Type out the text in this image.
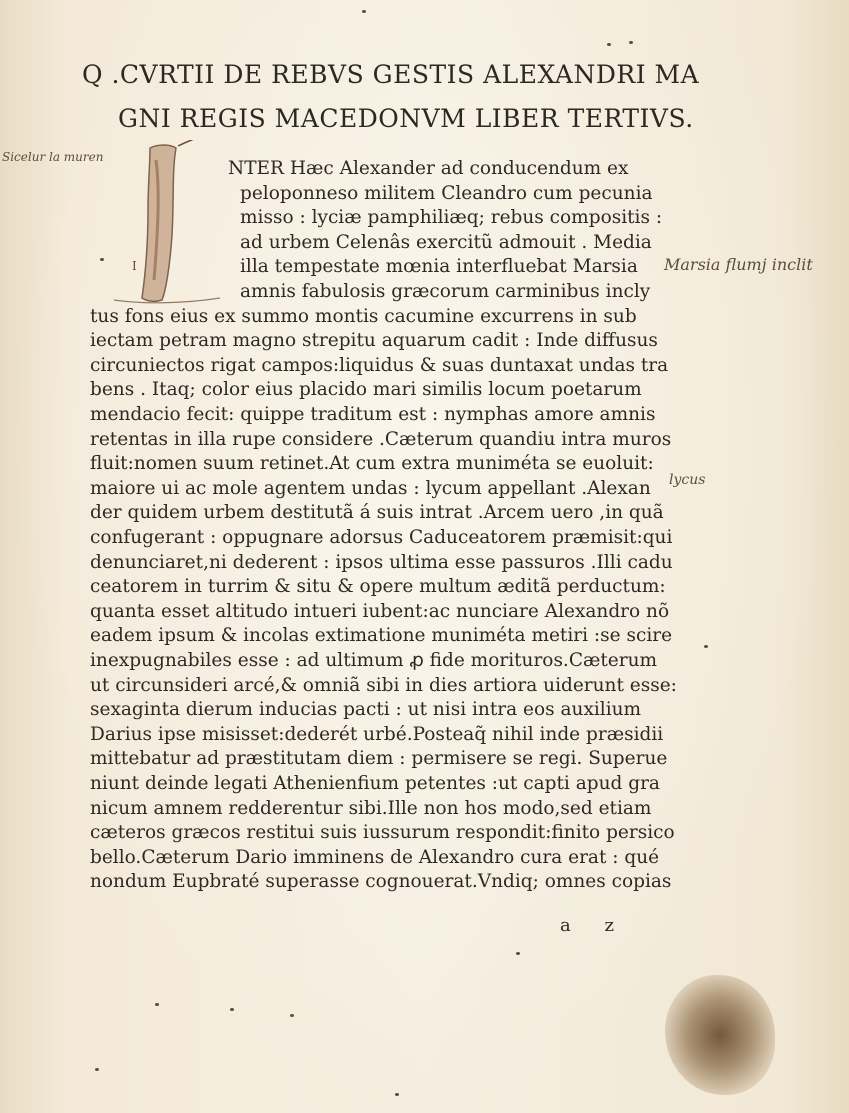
Q .CVRTII DE REBVS GESTIS ALEXANDRI MA
GNI REGIS MACEDONVM LIBER TERTIVS.
I
NTER Hæc Alexander ad conducendum ex
peloponneso militem Cleandro cum pecunia
misso : lyciæ pamphiliæq; rebus compositis :
ad urbem Celenâs exercitũ admouit . Media
illa tempestate mœnia interfluebat Marsia
amnis fabulosis græcorum carminibus incly
tus fons eius ex summo montis cacumine excurrens in sub
iectam petram magno strepitu aquarum cadit : Inde diffusus
circuniectos rigat campos:liquidus & suas duntaxat undas tra
bens . Itaq; color eius placido mari similis locum poetarum
mendacio fecit: quippe traditum est : nymphas amore amnis
retentas in illa rupe considere .Cæterum quandiu intra muros
fluit:nomen suum retinet.At cum extra muniméta se euoluit:
maiore ui ac mole agentem undas : lycum appellant .Alexan
der quidem urbem destitutã á suis intrat .Arcem uero ,in quã
confugerant : oppugnare adorsus Caduceatorem præmisit:qui
denunciaret,ni dederent : ipsos ultima esse passuros .Illi cadu
ceatorem in turrim & situ & opere multum æditã perductum:
quanta esset altitudo intueri iubent:ac nunciare Alexandro nõ
eadem ipsum & incolas extimatione muniméta metiri :se scire
inexpugnabiles esse : ad ultimum ꝓ fide morituros.Cæterum
ut circunsideri arcé,& omniã sibi in dies artiora uiderunt esse:
sexaginta dierum inducias pacti : ut nisi intra eos auxilium
Darius ipse misisset:dederét urbé.Posteaq̃ nihil inde præsidii
mittebatur ad præstitutam diem : permisere se regi. Superue
niunt deinde legati Athenienfium petentes :ut capti apud gra
nicum amnem redderentur sibi.Ille non hos modo,sed etiam
cæteros græcos restitui suis iussurum respondit:finito persico
bello.Cæterum Dario imminens de Alexandro cura erat : qué
nondum Eupbraté superasse cognouerat.Vndiq; omnes copias
a z
Sicelur la muren
Marsia flumj inclit
lycus
